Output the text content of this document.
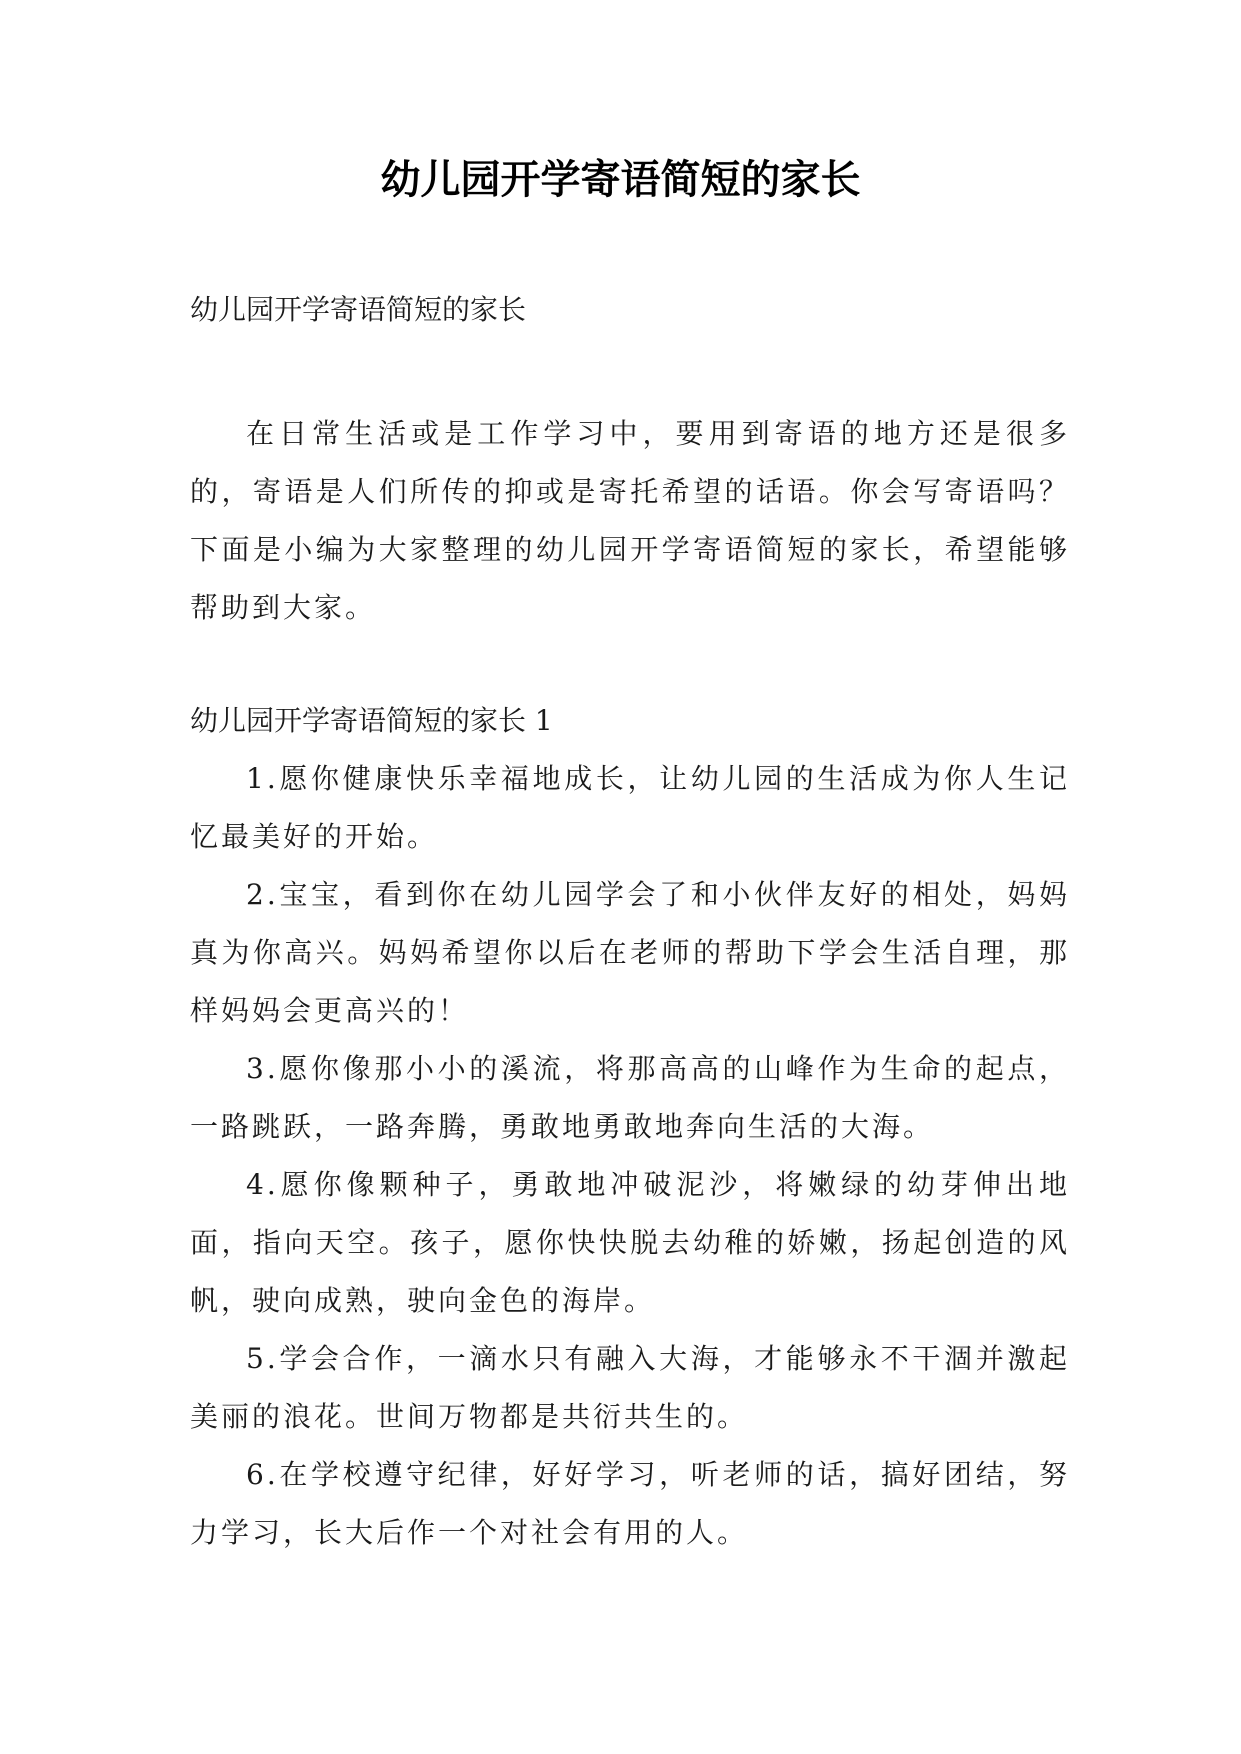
幼儿园开学寄语简短的家长

幼儿园开学寄语简短的家长

在日常生活或是工作学习中，要用到寄语的地方还是很多的，寄语是人们所传的抑或是寄托希望的话语。你会写寄语吗？下面是小编为大家整理的幼儿园开学寄语简短的家长，希望能够帮助到大家。

幼儿园开学寄语简短的家长 1

1.愿你健康快乐幸福地成长，让幼儿园的生活成为你人生记忆最美好的开始。

2.宝宝，看到你在幼儿园学会了和小伙伴友好的相处，妈妈真为你高兴。妈妈希望你以后在老师的帮助下学会生活自理，那样妈妈会更高兴的！

3.愿你像那小小的溪流，将那高高的山峰作为生命的起点，一路跳跃，一路奔腾，勇敢地勇敢地奔向生活的大海。

4.愿你像颗种子，勇敢地冲破泥沙，将嫩绿的幼芽伸出地面，指向天空。孩子，愿你快快脱去幼稚的娇嫩，扬起创造的风帆，驶向成熟，驶向金色的海岸。

5.学会合作，一滴水只有融入大海，才能够永不干涸并激起美丽的浪花。世间万物都是共衍共生的。

6.在学校遵守纪律，好好学习，听老师的话，搞好团结，努力学习，长大后作一个对社会有用的人。
